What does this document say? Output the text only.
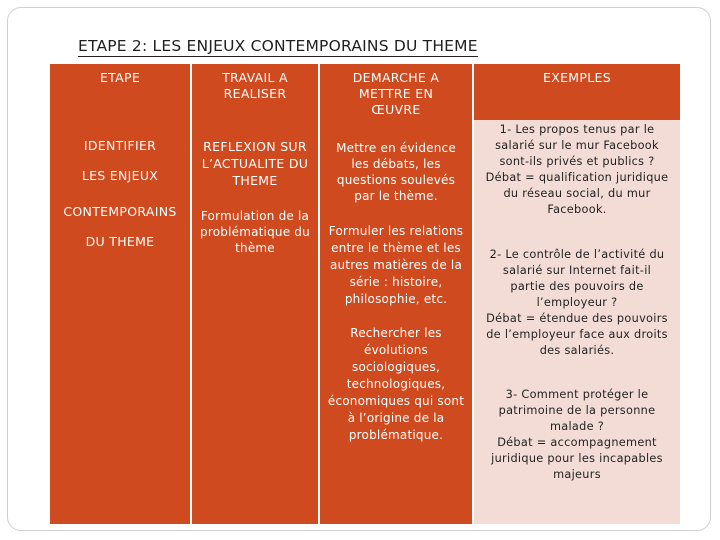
ETAPE 2: LES ENJEUX CONTEMPORAINS DU THEME
ETAPE	TRAVAIL A
REALISER
DEMARCHE A
METTRE EN
ŒUVRE
EXEMPLES
IDENTIFIER
LES ENJEUX
CONTEMPORAINS
DU THEME
REFLEXION SUR
L’ACTUALITE DU
THEME
Formulation de la
problématique du
thème
Mettre en évidence
les débats, les
questions soulevés
par le thème.
Formuler les relations
entre le thème et les
autres matières de la
série : histoire,
philosophie, etc.
Rechercher les
évolutions
sociologiques,
technologiques,
économiques qui sont
à l’origine de la
problématique.
1- Les propos tenus par le
salarié sur le mur Facebook
sont-ils privés et publics ?
Débat = qualification juridique
du réseau social, du mur
Facebook.
2- Le contrôle de l’activité du
salarié sur Internet fait-il
partie des pouvoirs de
l’employeur ?
Débat = étendue des pouvoirs
de l’employeur face aux droits
des salariés.
3- Comment protéger le
patrimoine de la personne
malade ?
Débat = accompagnement
juridique pour les incapables
majeurs
